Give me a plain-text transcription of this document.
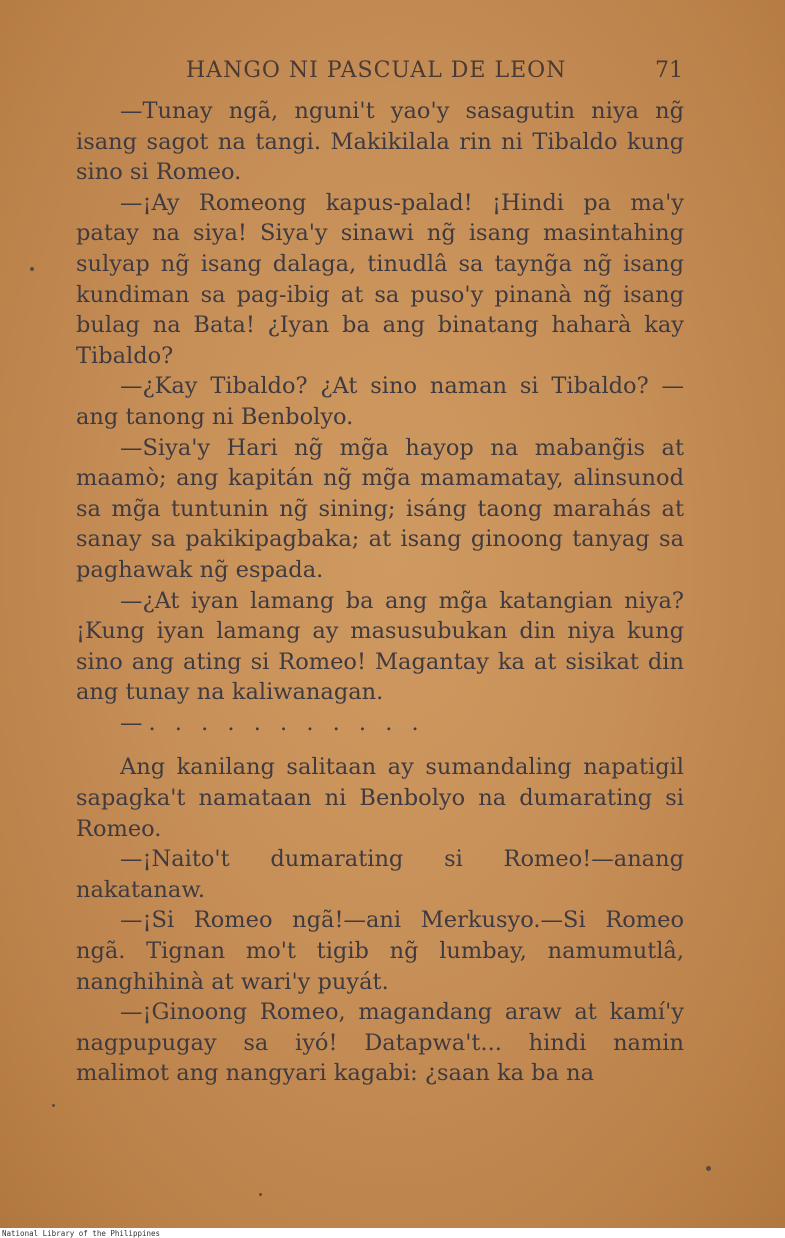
HANGO NI PASCUAL DE LEON	71

—Tunay ngã, nguni't yao'y sasagutin niya ng̃ isang sagot na tangi. Makikilala rin ni Tibaldo kung sino si Romeo.

—¡Ay Romeong kapus-palad! ¡Hindi pa ma'y patay na siya! Siya'y sinawi ng̃ isang masintahing sulyap ng̃ isang dalaga, tinudlâ sa tayng̃a ng̃ isang kundiman sa pag-ibig at sa puso'y pinanà ng̃ isang bulag na Bata! ¿Iyan ba ang binatang haharà kay Tibaldo?

—¿Kay Tibaldo? ¿At sino naman si Tibaldo? —ang tanong ni Benbolyo.

—Siya'y Hari ng̃ mg̃a hayop na mabang̃is at maamò; ang kapitán ng̃ mg̃a mamamatay, alinsunod sa mg̃a tuntunin ng̃ sining; isáng taong marahás at sanay sa pakikipagbaka; at isang ginoong tanyag sa paghawak ng̃ espada.

—¿At iyan lamang ba ang mg̃a katangian niya? ¡Kung iyan lamang ay masusubukan din niya kung sino ang ating si Romeo! Magantay ka at sisikat din ang tunay na kaliwanagan.

—. . . . . . . . . . .

Ang kanilang salitaan ay sumandaling napatigil sapagka't namataan ni Benbolyo na dumarating si Romeo.

—¡Naito't dumarating si Romeo!—anang nakatanaw.

—¡Si Romeo ngã!—ani Merkusyo.—Si Romeo ngã. Tignan mo't tigib ng̃ lumbay, namumutlâ, nanghihinà at wari'y puyát.

—¡Ginoong Romeo, magandang araw at kamí'y nagpupugay sa iyó! Datapwa't... hindi namin malimot ang nangyari kagabi: ¿saan ka ba na

National Library of the Philippines
